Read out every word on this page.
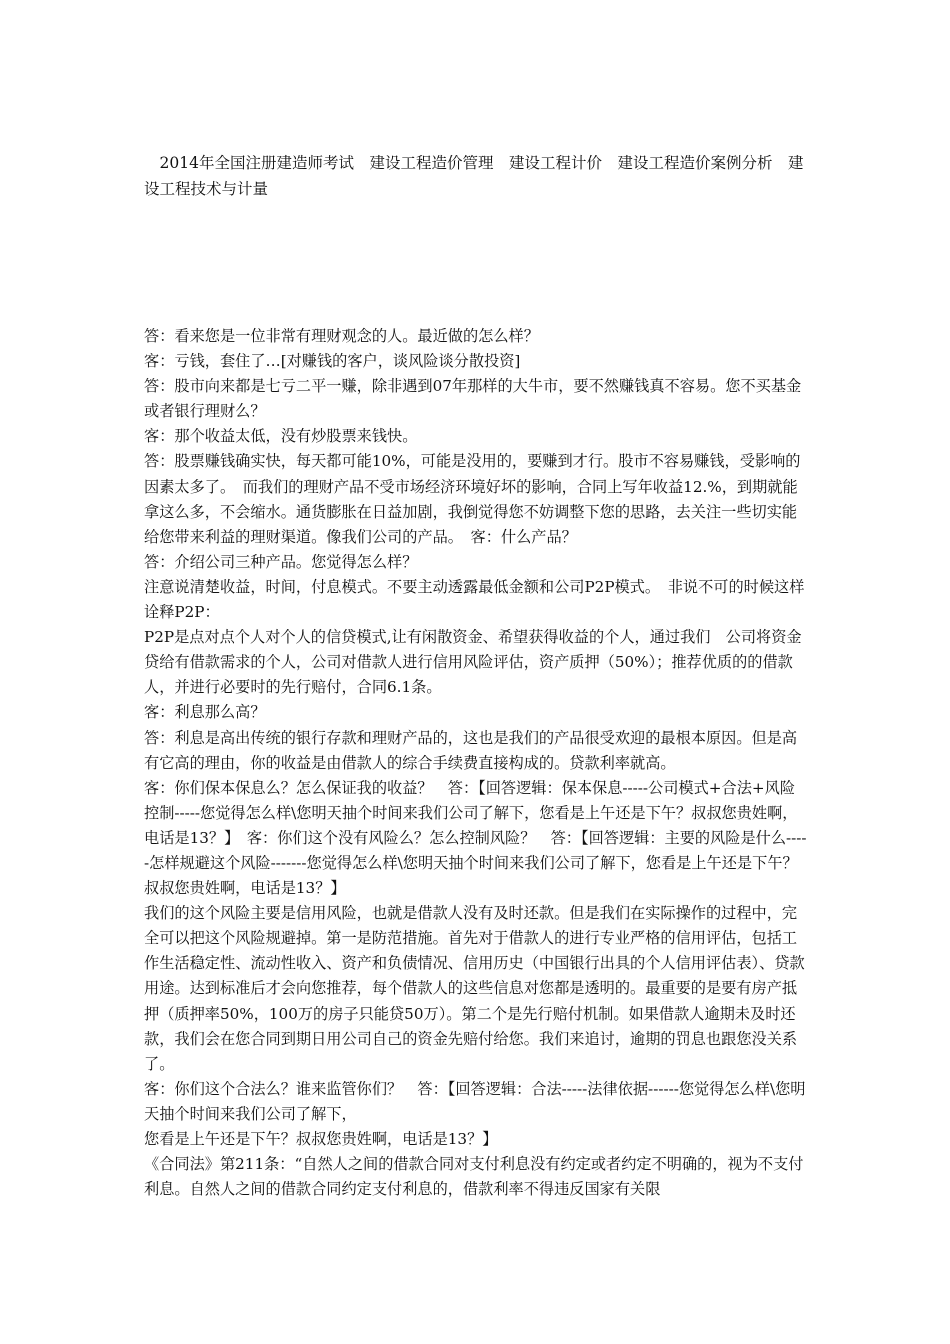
2014年全国注册建造师考试　建设工程造价管理　建设工程计价　建设工程造价案例分析　建设工程技术与计量

答：看来您是一位非常有理财观念的人。最近做的怎么样？

客：亏钱，套住了…[对赚钱的客户，谈风险谈分散投资]

答：股市向来都是七亏二平一赚，除非遇到07年那样的大牛市，要不然赚钱真不容易。您不买基金或者银行理财么？

客：那个收益太低，没有炒股票来钱快。

答：股票赚钱确实快，每天都可能10%，可能是没用的，要赚到才行。股市不容易赚钱，受影响的因素太多了。　而我们的理财产品不受市场经济环境好坏的影响，合同上写年收益12.%，到期就能拿这么多，不会缩水。通货膨胀在日益加剧，我倒觉得您不妨调整下您的思路，去关注一些切实能给您带来利益的理财渠道。像我们公司的产品。　客：什么产品？

答：介绍公司三种产品。您觉得怎么样？

注意说清楚收益，时间，付息模式。不要主动透露最低金额和公司P2P模式。　非说不可的时候这样诠释P2P：

P2P是点对点个人对个人的信贷模式,让有闲散资金、希望获得收益的个人，通过我们　公司将资金贷给有借款需求的个人，公司对借款人进行信用风险评估，资产质押（50%）；推荐优质的的借款人，并进行必要时的先行赔付，合同6.1条。

客：利息那么高？

答：利息是高出传统的银行存款和理财产品的，这也是我们的产品很受欢迎的最根本原因。但是高有它高的理由，你的收益是由借款人的综合手续费直接构成的。贷款利率就高。

客：你们保本保息么？怎么保证我的收益？　答：【回答逻辑：保本保息-----公司模式+合法+风险控制-----您觉得怎么样\您明天抽个时间来我们公司了解下，您看是上午还是下午？叔叔您贵姓啊，电话是13？】　客：你们这个没有风险么？怎么控制风险？　答：【回答逻辑：主要的风险是什么-----怎样规避这个风险-------您觉得怎么样\您明天抽个时间来我们公司了解下，您看是上午还是下午？叔叔您贵姓啊，电话是13？】

我们的这个风险主要是信用风险，也就是借款人没有及时还款。但是我们在实际操作的过程中，完全可以把这个风险规避掉。第一是防范措施。首先对于借款人的进行专业严格的信用评估，包括工作生活稳定性、流动性收入、资产和负债情况、信用历史（中国银行出具的个人信用评估表）、贷款用途。达到标准后才会向您推荐，每个借款人的这些信息对您都是透明的。最重要的是要有房产抵押（质押率50%，100万的房子只能贷50万）。第二个是先行赔付机制。如果借款人逾期未及时还款，我们会在您合同到期日用公司自己的资金先赔付给您。我们来追讨，逾期的罚息也跟您没关系了。

客：你们这个合法么？谁来监管你们？　答：【回答逻辑：合法-----法律依据------您觉得怎么样\您明天抽个时间来我们公司了解下，

您看是上午还是下午？叔叔您贵姓啊，电话是13？】

《合同法》第211条：“自然人之间的借款合同对支付利息没有约定或者约定不明确的，视为不支付利息。自然人之间的借款合同约定支付利息的，借款利率不得违反国家有关限
